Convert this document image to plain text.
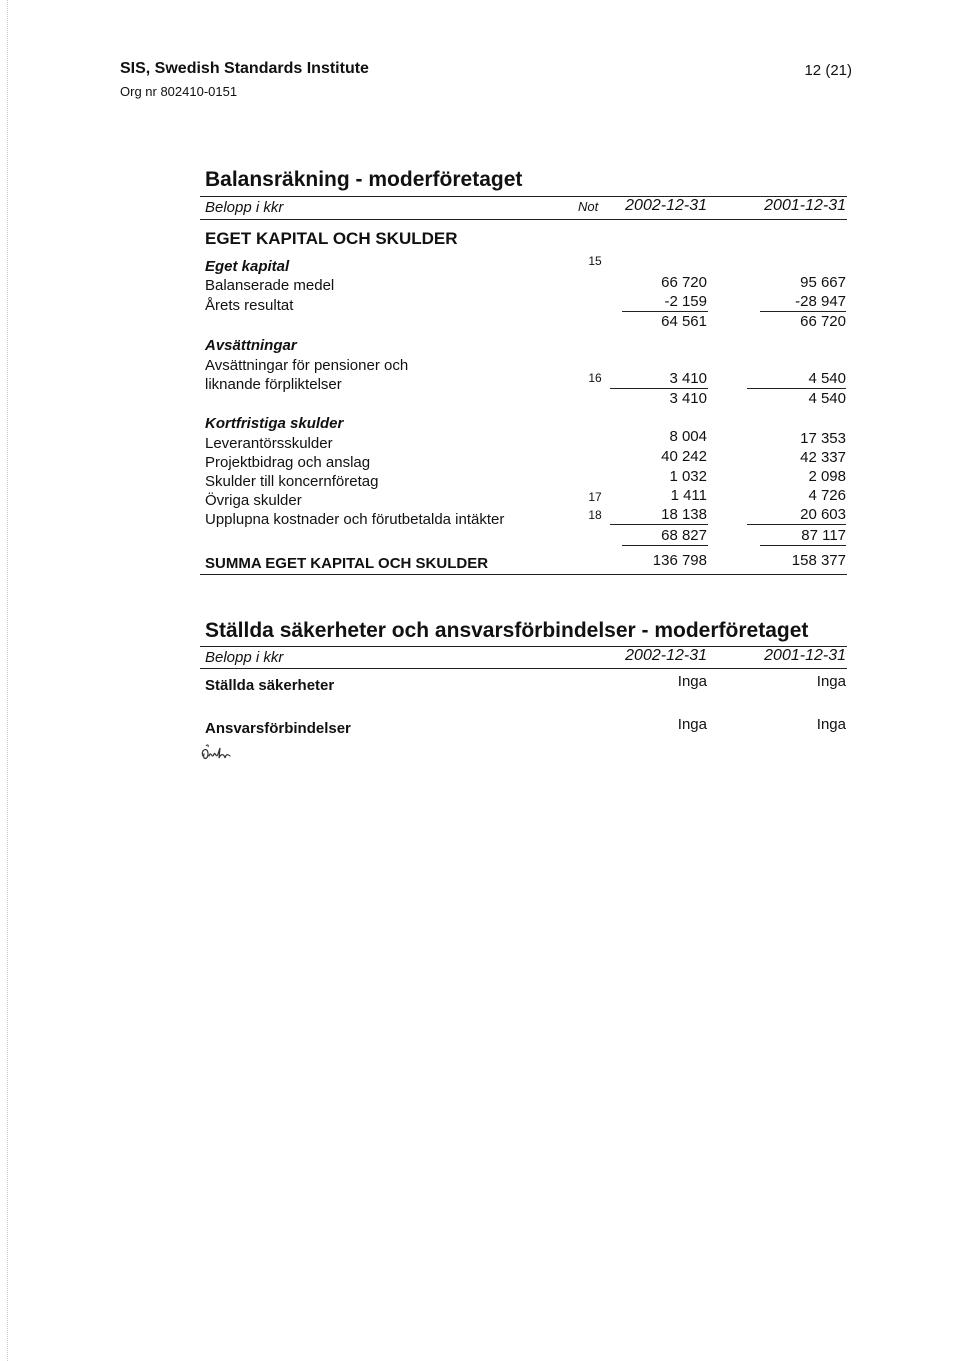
SIS, Swedish Standards Institute
Org nr 802410-0151
12 (21)
Balansräkning - moderföretaget
Belopp i kkr	Not 2002-12-31	2001-12-31
EGET KAPITAL OCH SKULDER
Eget kapital	15
Balanserade medel	66 720	95 667
Årets resultat	-2 159	-28 947
64 561	66 720
Avsättningar
Avsättningar för pensioner och
liknande förpliktelser	16	3 410	4 540
3 410	4 540
Kortfristiga skulder
Leverantörsskulder	8 004	17 353
Projektbidrag och anslag	40 242	42 337
Skulder till koncernföretag	1 032	2 098
Övriga skulder	17	1 411	4 726
Upplupna kostnader och förutbetalda intäkter	18	18 138	20 603
68 827	87 117
SUMMA EGET KAPITAL OCH SKULDER	136 798	158 377
Ställda säkerheter och ansvarsförbindelser - moderföretaget
Belopp i kkr	2002-12-31	2001-12-31
Ställda säkerheter	Inga	Inga
Ansvarsförbindelser	Inga	Inga
